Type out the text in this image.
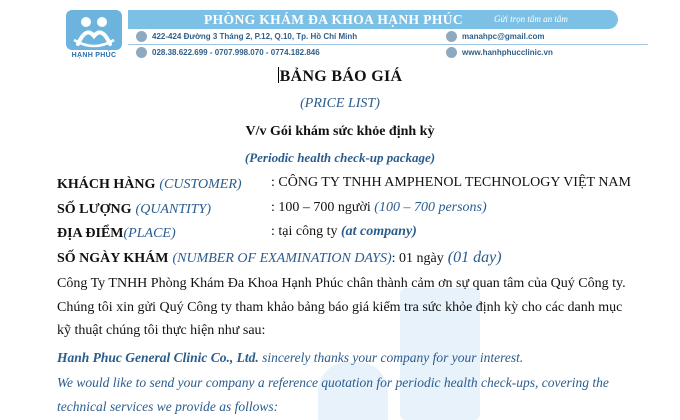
HẠNH PHÚC
PHÒNG KHÁM ĐA KHOA HẠNH PHÚC	Gửi trọn tâm an tâm
422-424 Đường 3 Tháng 2, P.12, Q.10, Tp. Hồ Chí Minh
028.38.622.699 - 0707.998.070 - 0774.182.846
manahpc@gmail.com
www.hanhphucclinic.vn
BẢNG BÁO GIÁ
(PRICE LIST)
V/v Gói khám sức khỏe định kỳ
(Periodic health check-up package)
KHÁCH HÀNG (CUSTOMER) : CÔNG TY TNHH AMPHENOL TECHNOLOGY VIỆT NAM
SỐ LƯỢNG (QUANTITY)	: 100 – 700 người (100 – 700 persons)
ĐỊA ĐIỂM(PLACE)	: tại công ty (at company)
SỐ NGÀY KHÁM (NUMBER OF EXAMINATION DAYS): 01 ngày (01 day)
Công Ty TNHH Phòng Khám Đa Khoa Hạnh Phúc chân thành cảm ơn sự quan tâm của Quý Công ty.
Chúng tôi xin gửi Quý Công ty tham khảo bảng báo giá kiểm tra sức khỏe định kỳ cho các danh mục
kỹ thuật chúng tôi thực hiện như sau:
Hanh Phuc General Clinic Co., Ltd. sincerely thanks your company for your interest.
We would like to send your company a reference quotation for periodic health check-ups, covering the
technical services we provide as follows:
